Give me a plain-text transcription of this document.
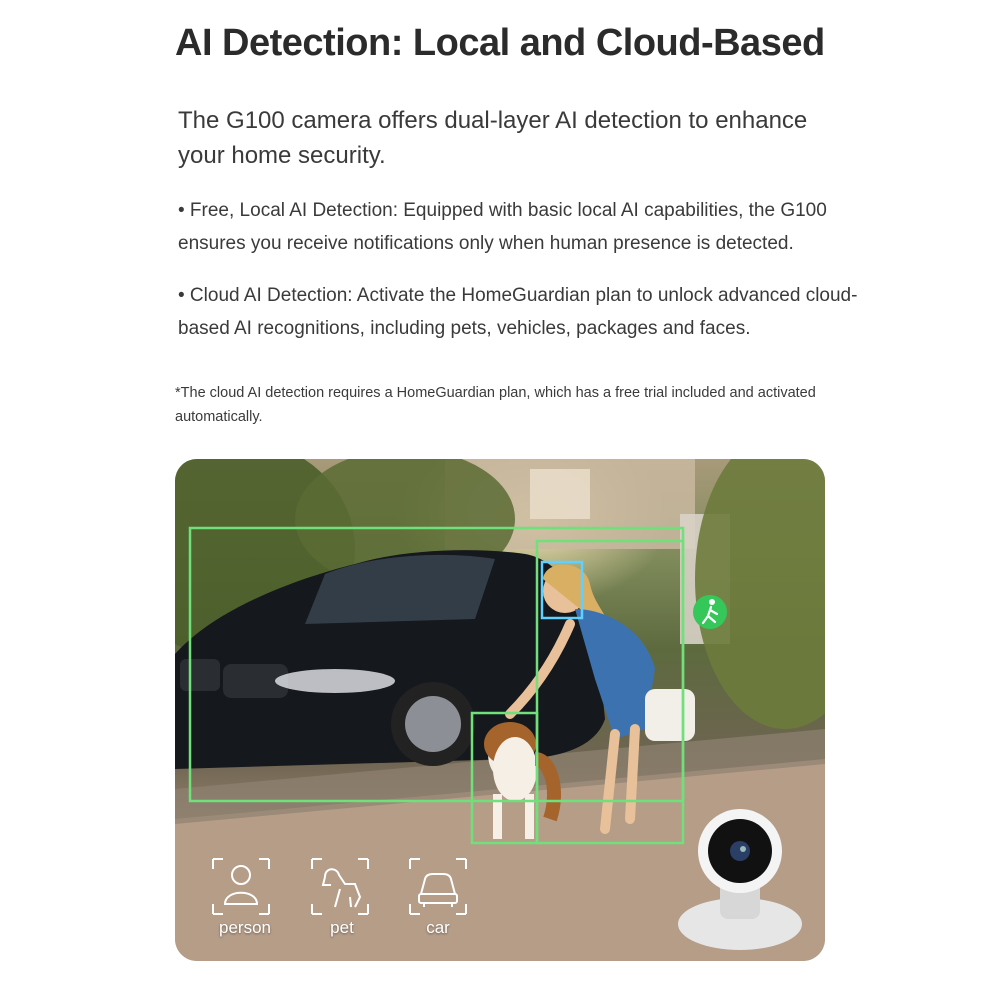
AI Detection: Local and Cloud-Based

The G100 camera offers dual-layer AI detection to enhance your home security.

• Free, Local AI Detection: Equipped with basic local AI capabilities, the G100 ensures you receive notifications only when human presence is detected.

• Cloud AI Detection: Activate the HomeGuardian plan to unlock advanced cloud-based AI recognitions, including pets, vehicles, packages and faces.

*The cloud AI detection requires a HomeGuardian plan, which has a free trial included and activated automatically.

person	pet	car
